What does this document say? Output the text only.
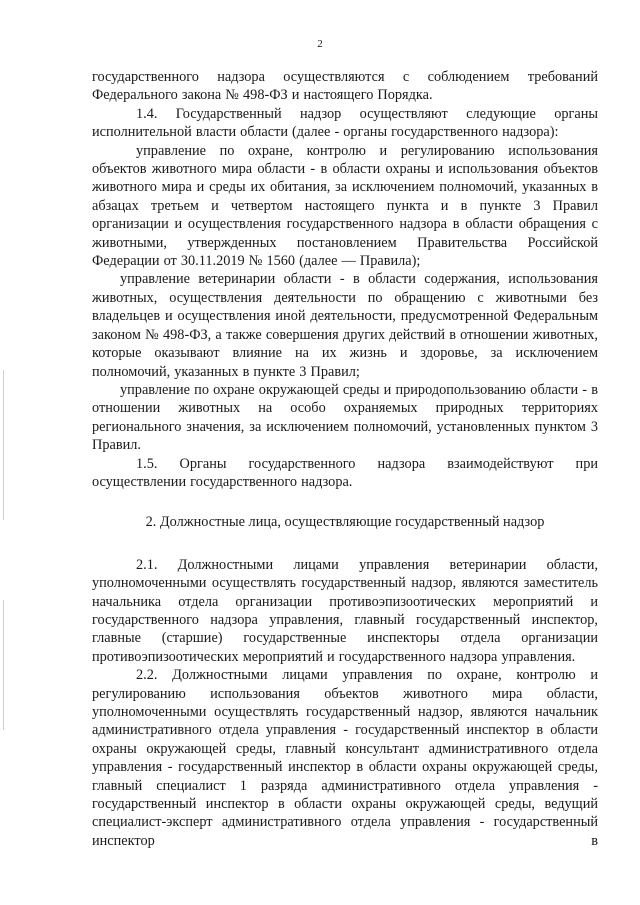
2

государственного надзора осуществляются с соблюдением требований Федерального закона № 498-ФЗ и настоящего Порядка.

1.4. Государственный надзор осуществляют следующие органы исполнительной власти области (далее - органы государственного надзора):

управление по охране, контролю и регулированию использования объектов животного мира области - в области охраны и использования объектов животного мира и среды их обитания, за исключением полномочий, указанных в абзацах третьем и четвертом настоящего пункта и в пункте 3 Правил организации и осуществления государственного надзора в области обращения с животными, утвержденных постановлением Правительства Российской Федерации от 30.11.2019 № 1560 (далее — Правила);

управление ветеринарии области - в области содержания, использования животных, осуществления деятельности по обращению с животными без владельцев и осуществления иной деятельности, предусмотренной Федеральным законом № 498-ФЗ, а также совершения других действий в отношении животных, которые оказывают влияние на их жизнь и здоровье, за исключением полномочий, указанных в пункте 3 Правил;

управление по охране окружающей среды и природопользованию области - в отношении животных на особо охраняемых природных территориях регионального значения, за исключением полномочий, установленных пунктом 3 Правил.

1.5. Органы государственного надзора взаимодействуют при осуществлении государственного надзора.

2. Должностные лица, осуществляющие государственный надзор

2.1. Должностными лицами управления ветеринарии области, уполномоченными осуществлять государственный надзор, являются заместитель начальника отдела организации противоэпизоотических мероприятий и государственного надзора управления, главный государственный инспектор, главные (старшие) государственные инспекторы отдела организации противоэпизоотических мероприятий и государственного надзора управления.

2.2. Должностными лицами управления по охране, контролю и регулированию использования объектов животного мира области, уполномоченными осуществлять государственный надзор, являются начальник административного отдела управления - государственный инспектор в области охраны окружающей среды, главный консультант административного отдела управления - государственный инспектор в области охраны окружающей среды, главный специалист 1 разряда административного отдела управления - государственный инспектор в области охраны окружающей среды, ведущий специалист-эксперт административного отдела управления - государственный инспектор в
